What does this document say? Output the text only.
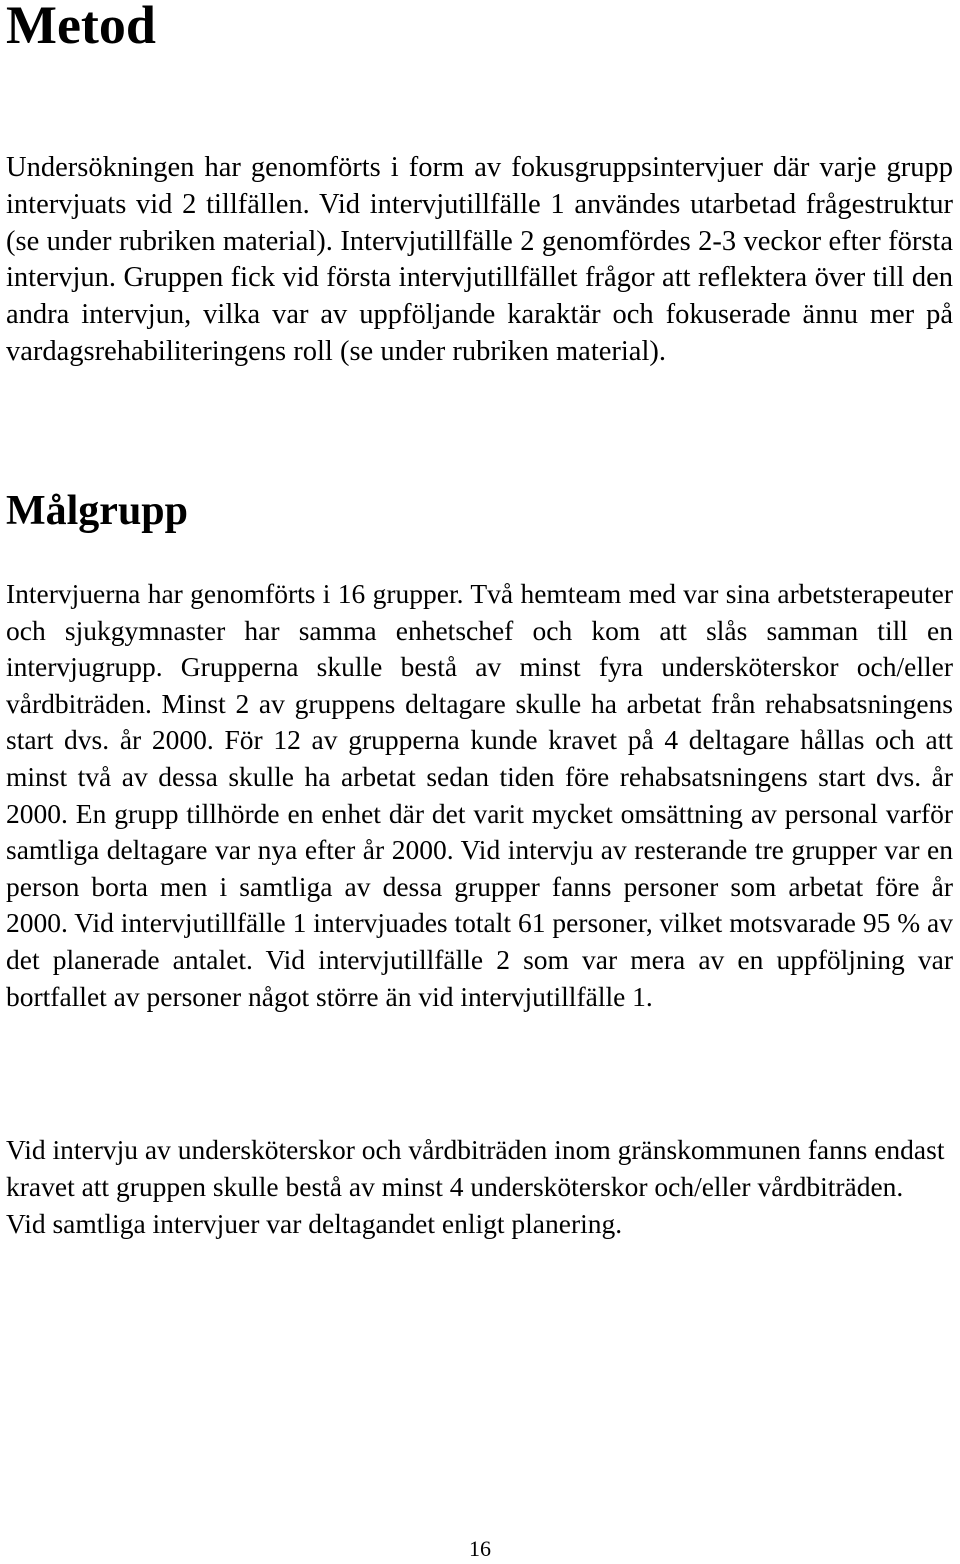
Metod

Undersökningen har genomförts i form av fokusgruppsintervjuer där varje grupp intervjuats vid 2 tillfällen. Vid intervjutillfälle 1 användes utarbetad frågestruktur (se under rubriken material). Intervjutillfälle 2 genomfördes 2-3 veckor efter första intervjun. Gruppen fick vid första intervjutillfället frågor att reflektera över till den andra intervjun, vilka var av uppföljande karaktär och fokuserade ännu mer på vardagsrehabiliteringens roll (se under rubriken material).

Målgrupp

Intervjuerna har genomförts i 16 grupper. Två hemteam med var sina arbetsterapeuter och sjukgymnaster har samma enhetschef och kom att slås samman till en intervjugrupp. Grupperna skulle bestå av minst fyra undersköterskor och/eller vårdbiträden. Minst 2 av gruppens deltagare skulle ha arbetat från rehabsatsningens start dvs. år 2000. För 12 av grupperna kunde kravet på 4 deltagare hållas och att minst två av dessa skulle ha arbetat sedan tiden före rehabsatsningens start dvs. år 2000. En grupp tillhörde en enhet där det varit mycket omsättning av personal varför samtliga deltagare var nya efter år 2000. Vid intervju av resterande tre grupper var en person borta men i samtliga av dessa grupper fanns personer som arbetat före år 2000. Vid intervjutillfälle 1 intervjuades totalt 61 personer, vilket motsvarade 95 % av det planerade antalet. Vid intervjutillfälle 2 som var mera av en uppföljning var bortfallet av personer något större än vid intervjutillfälle 1.

Vid intervju av undersköterskor och vårdbiträden inom gränskommunen fanns endast kravet att gruppen skulle bestå av minst 4 undersköterskor och/eller vårdbiträden. Vid samtliga intervjuer var deltagandet enligt planering.

16
